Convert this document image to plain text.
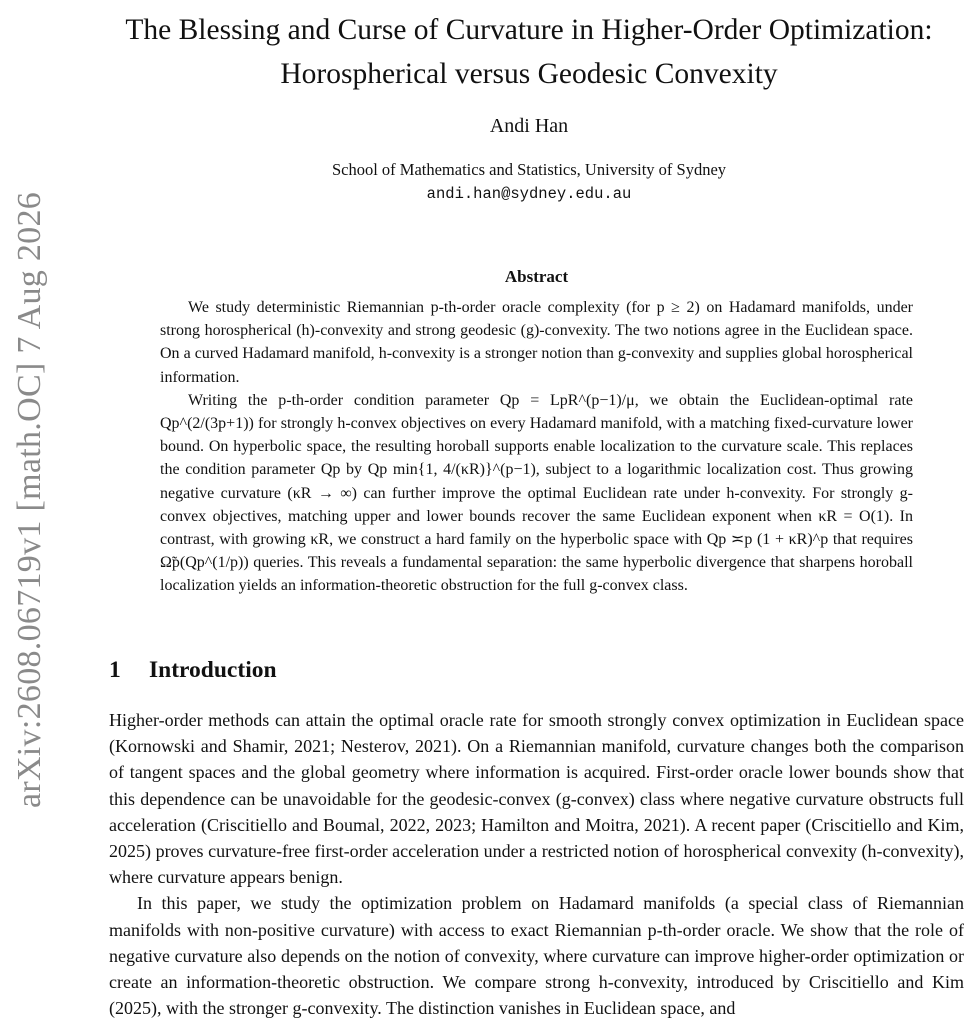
arXiv:2608.06719v1 [math.OC] 7 Aug 2026
The Blessing and Curse of Curvature in Higher-Order Optimization:
Horospherical versus Geodesic Convexity
Andi Han
School of Mathematics and Statistics, University of Sydney
andi.han@sydney.edu.au
Abstract

We study deterministic Riemannian p-th-order oracle complexity (for p ≥ 2) on Hadamard manifolds, under strong horospherical (h)-convexity and strong geodesic (g)-convexity. The two notions agree in the Euclidean space. On a curved Hadamard manifold, h-convexity is a stronger notion than g-convexity and supplies global horospherical information.

Writing the p-th-order condition parameter Qp = LpR^(p−1)/μ, we obtain the Euclidean-optimal rate Qp^(2/(3p+1)) for strongly h-convex objectives on every Hadamard manifold, with a matching fixed-curvature lower bound. On hyperbolic space, the resulting horoball supports enable localization to the curvature scale. This replaces the condition parameter Qp by Qp min{1, 4/(κR)}^(p−1), subject to a logarithmic localization cost. Thus growing negative curvature (κR → ∞) can further improve the optimal Euclidean rate under h-convexity. For strongly g-convex objectives, matching upper and lower bounds recover the same Euclidean exponent when κR = O(1). In contrast, with growing κR, we construct a hard family on the hyperbolic space with Qp ≍p (1 + κR)^p that requires Ω̃p(Qp^(1/p)) queries. This reveals a fundamental separation: the same hyperbolic divergence that sharpens horoball localization yields an information-theoretic obstruction for the full g-convex class.

1 Introduction

Higher-order methods can attain the optimal oracle rate for smooth strongly convex optimization in Euclidean space (Kornowski and Shamir, 2021; Nesterov, 2021). On a Riemannian manifold, curvature changes both the comparison of tangent spaces and the global geometry where information is acquired. First-order oracle lower bounds show that this dependence can be unavoidable for the geodesic-convex (g-convex) class where negative curvature obstructs full acceleration (Criscitiello and Boumal, 2022, 2023; Hamilton and Moitra, 2021). A recent paper (Criscitiello and Kim, 2025) proves curvature-free first-order acceleration under a restricted notion of horospherical convexity (h-convexity), where curvature appears benign.

In this paper, we study the optimization problem on Hadamard manifolds (a special class of Riemannian manifolds with non-positive curvature) with access to exact Riemannian p-th-order oracle. We show that the role of negative curvature also depends on the notion of convexity, where curvature can improve higher-order optimization or create an information-theoretic obstruction. We compare strong h-convexity, introduced by Criscitiello and Kim (2025), with the stronger g-convexity. The distinction vanishes in Euclidean space, and
